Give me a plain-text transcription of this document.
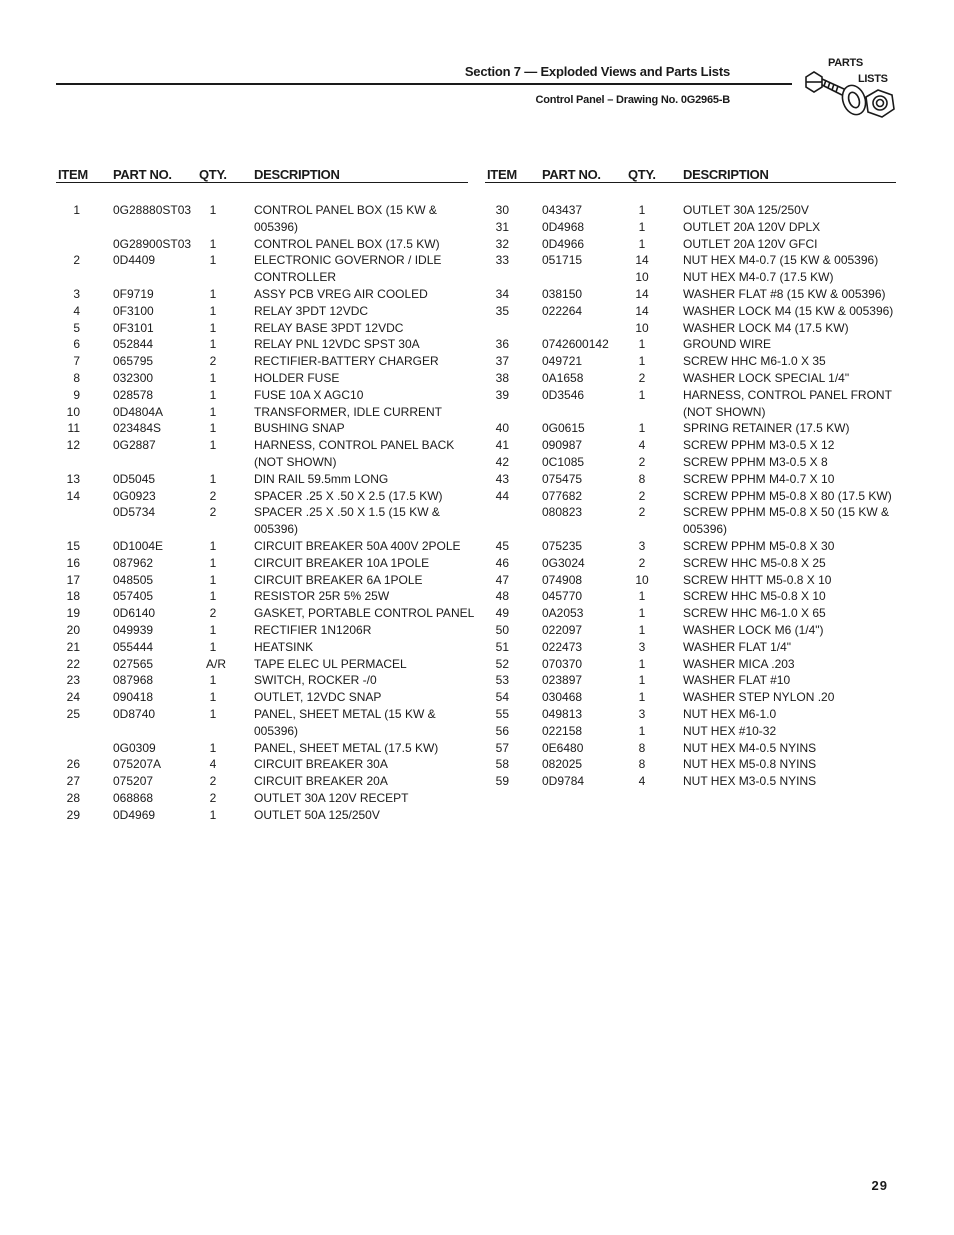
Section 7 — Exploded Views and Parts Lists
Control Panel – Drawing No. 0G2965-B
PARTS
LISTS
ITEM PART NO. QTY. DESCRIPTION
1	0G28880ST03	1	CONTROL PANEL BOX (15 KW &
005396)
0G28900ST03	1	CONTROL PANEL BOX (17.5 KW)
2	0D4409	1	ELECTRONIC GOVERNOR / IDLE
CONTROLLER
3	0F9719	1	ASSY PCB VREG AIR COOLED
4	0F3100	1	RELAY 3PDT 12VDC
5	0F3101	1	RELAY BASE 3PDT 12VDC
6	052844	1	RELAY PNL 12VDC SPST 30A
7	065795	2	RECTIFIER-BATTERY CHARGER
8	032300	1	HOLDER FUSE
9	028578	1	FUSE 10A X AGC10
10	0D4804A	1	TRANSFORMER, IDLE CURRENT
11	023484S	1	BUSHING SNAP
12	0G2887	1	HARNESS, CONTROL PANEL BACK
(NOT SHOWN)
13	0D5045	1	DIN RAIL 59.5mm LONG
14	0G0923	2	SPACER .25 X .50 X 2.5 (17.5 KW)
0D5734	2	SPACER .25 X .50 X 1.5 (15 KW &
005396)
15	0D1004E	1	CIRCUIT BREAKER 50A 400V 2POLE
16	087962	1	CIRCUIT BREAKER 10A 1POLE
17	048505	1	CIRCUIT BREAKER 6A 1POLE
18	057405	1	RESISTOR 25R 5% 25W
19	0D6140	2	GASKET, PORTABLE CONTROL PANEL
20	049939	1	RECTIFIER 1N1206R
21	055444	1	HEATSINK
22	027565	A/R TAPE ELEC UL PERMACEL
23	087968	1	SWITCH, ROCKER -/0
24	090418	1	OUTLET, 12VDC SNAP
25	0D8740	1	PANEL, SHEET METAL (15 KW &
005396)
0G0309	1	PANEL, SHEET METAL (17.5 KW)
26	075207A	4	CIRCUIT BREAKER 30A
27	075207	2	CIRCUIT BREAKER 20A
28	068868	2	OUTLET 30A 120V RECEPT
29	0D4969	1	OUTLET 50A 125/250V
ITEM PART NO. QTY. DESCRIPTION
30	043437	1	OUTLET 30A 125/250V
31	0D4968	1	OUTLET 20A 120V DPLX
32	0D4966	1	OUTLET 20A 120V GFCI
33	051715	14	NUT HEX M4-0.7 (15 KW & 005396)
10	NUT HEX M4-0.7 (17.5 KW)
34	038150	14	WASHER FLAT #8 (15 KW & 005396)
35	022264	14	WASHER LOCK M4 (15 KW & 005396)
10	WASHER LOCK M4 (17.5 KW)
36	0742600142	1	GROUND WIRE
37	049721	1	SCREW HHC M6-1.0 X 35
38	0A1658	2	WASHER LOCK SPECIAL 1/4"
39	0D3546	1	HARNESS, CONTROL PANEL FRONT
(NOT SHOWN)
40	0G0615	1	SPRING RETAINER (17.5 KW)
41	090987	4	SCREW PPHM M3-0.5 X 12
42	0C1085	2	SCREW PPHM M3-0.5 X 8
43	075475	8	SCREW PPHM M4-0.7 X 10
44	077682	2	SCREW PPHM M5-0.8 X 80 (17.5 KW)
080823	2	SCREW PPHM M5-0.8 X 50 (15 KW &
005396)
45	075235	3	SCREW PPHM M5-0.8 X 30
46	0G3024	2	SCREW HHC M5-0.8 X 25
47	074908	10	SCREW HHTT M5-0.8 X 10
48	045770	1	SCREW HHC M5-0.8 X 10
49	0A2053	1	SCREW HHC M6-1.0 X 65
50	022097	1	WASHER LOCK M6 (1/4")
51	022473	3	WASHER FLAT 1/4"
52	070370	1	WASHER MICA .203
53	023897	1	WASHER FLAT #10
54	030468	1	WASHER STEP NYLON .20
55	049813	3	NUT HEX M6-1.0
56	022158	1	NUT HEX #10-32
57	0E6480	8	NUT HEX M4-0.5 NYINS
58	082025	8	NUT HEX M5-0.8 NYINS
59	0D9784	4	NUT HEX M3-0.5 NYINS
29
